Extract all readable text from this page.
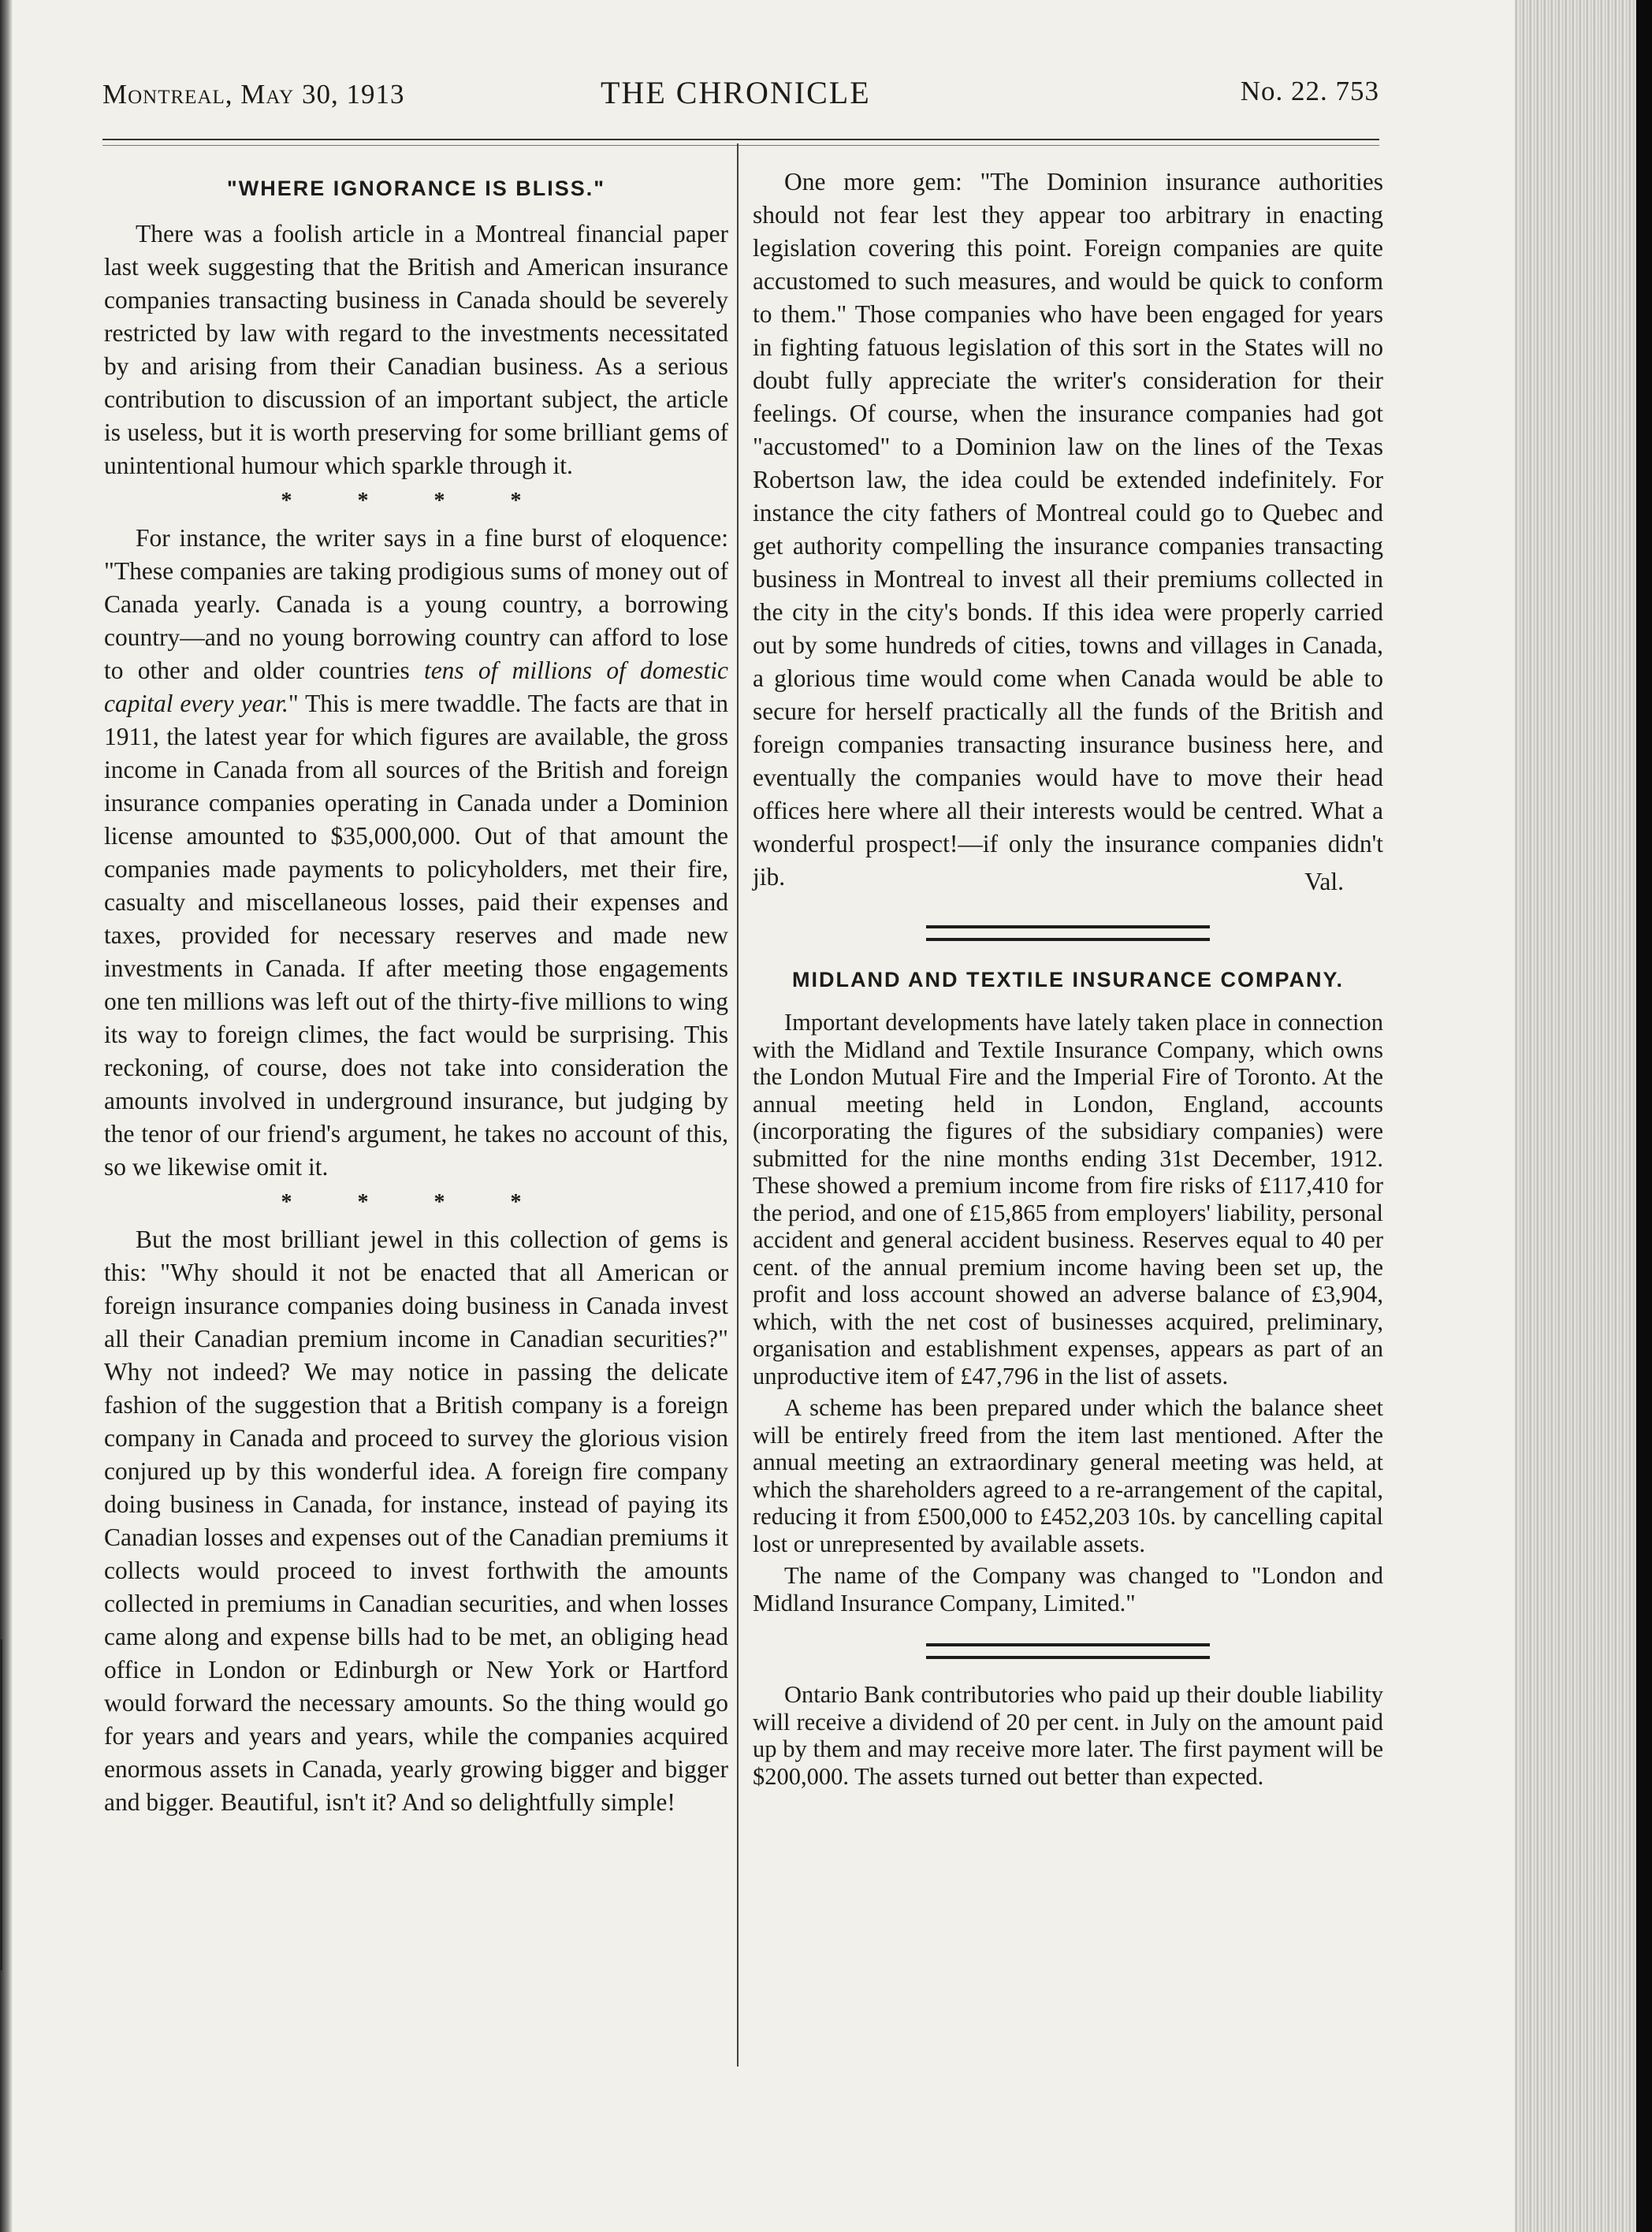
Montreal, May 30, 1913	THE CHRONICLE	No. 22. 753
"WHERE IGNORANCE IS BLISS."

There was a foolish article in a Montreal financial paper last week suggesting that the British and American insurance companies transacting business in Canada should be severely restricted by law with regard to the investments necessitated by and arising from their Canadian business. As a serious contribution to discussion of an important subject, the article is useless, but it is worth preserving for some brilliant gems of unintentional humour which sparkle through it.

* * * *

For instance, the writer says in a fine burst of eloquence: "These companies are taking prodigious sums of money out of Canada yearly. Canada is a young country, a borrowing country—and no young borrowing country can afford to lose to other and older countries tens of millions of domestic capital every year." This is mere twaddle. The facts are that in 1911, the latest year for which figures are available, the gross income in Canada from all sources of the British and foreign insurance companies operating in Canada under a Dominion license amounted to $35,000,000. Out of that amount the companies made payments to policyholders, met their fire, casualty and miscellaneous losses, paid their expenses and taxes, provided for necessary reserves and made new investments in Canada. If after meeting those engagements one ten millions was left out of the thirty-five millions to wing its way to foreign climes, the fact would be surprising. This reckoning, of course, does not take into consideration the amounts involved in underground insurance, but judging by the tenor of our friend's argument, he takes no account of this, so we likewise omit it.

* * * *

But the most brilliant jewel in this collection of gems is this: "Why should it not be enacted that all American or foreign insurance companies doing business in Canada invest all their Canadian premium income in Canadian securities?" Why not indeed? We may notice in passing the delicate fashion of the suggestion that a British company is a foreign company in Canada and proceed to survey the glorious vision conjured up by this wonderful idea. A foreign fire company doing business in Canada, for instance, instead of paying its Canadian losses and expenses out of the Canadian premiums it collects would proceed to invest forthwith the amounts collected in premiums in Canadian securities, and when losses came along and expense bills had to be met, an obliging head office in London or Edinburgh or New York or Hartford would forward the necessary amounts. So the thing would go for years and years and years, while the companies acquired enormous assets in Canada, yearly growing bigger and bigger and bigger. Beautiful, isn't it? And so delightfully simple!

One more gem: "The Dominion insurance authorities should not fear lest they appear too arbitrary in enacting legislation covering this point. Foreign companies are quite accustomed to such measures, and would be quick to conform to them." Those companies who have been engaged for years in fighting fatuous legislation of this sort in the States will no doubt fully appreciate the writer's consideration for their feelings. Of course, when the insurance companies had got "accustomed" to a Dominion law on the lines of the Texas Robertson law, the idea could be extended indefinitely. For instance the city fathers of Montreal could go to Quebec and get authority compelling the insurance companies transacting business in Montreal to invest all their premiums collected in the city in the city's bonds. If this idea were properly carried out by some hundreds of cities, towns and villages in Canada, a glorious time would come when Canada would be able to secure for herself practically all the funds of the British and foreign companies transacting insurance business here, and eventually the companies would have to move their head offices here where all their interests would be centred. What a wonderful prospect!—if only the insurance companies didn't jib.	Val.
MIDLAND AND TEXTILE INSURANCE COMPANY.

Important developments have lately taken place in connection with the Midland and Textile Insurance Company, which owns the London Mutual Fire and the Imperial Fire of Toronto. At the annual meeting held in London, England, accounts (incorporating the figures of the subsidiary companies) were submitted for the nine months ending 31st December, 1912. These showed a premium income from fire risks of £117,410 for the period, and one of £15,865 from employers' liability, personal accident and general accident business. Reserves equal to 40 per cent. of the annual premium income having been set up, the profit and loss account showed an adverse balance of £3,904, which, with the net cost of businesses acquired, preliminary, organisation and establishment expenses, appears as part of an unproductive item of £47,796 in the list of assets.

A scheme has been prepared under which the balance sheet will be entirely freed from the item last mentioned. After the annual meeting an extraordinary general meeting was held, at which the shareholders agreed to a re-arrangement of the capital, reducing it from £500,000 to £452,203 10s. by cancelling capital lost or unrepresented by available assets.

The name of the Company was changed to "London and Midland Insurance Company, Limited."

Ontario Bank contributories who paid up their double liability will receive a dividend of 20 per cent. in July on the amount paid up by them and may receive more later. The first payment will be $200,000. The assets turned out better than expected.
